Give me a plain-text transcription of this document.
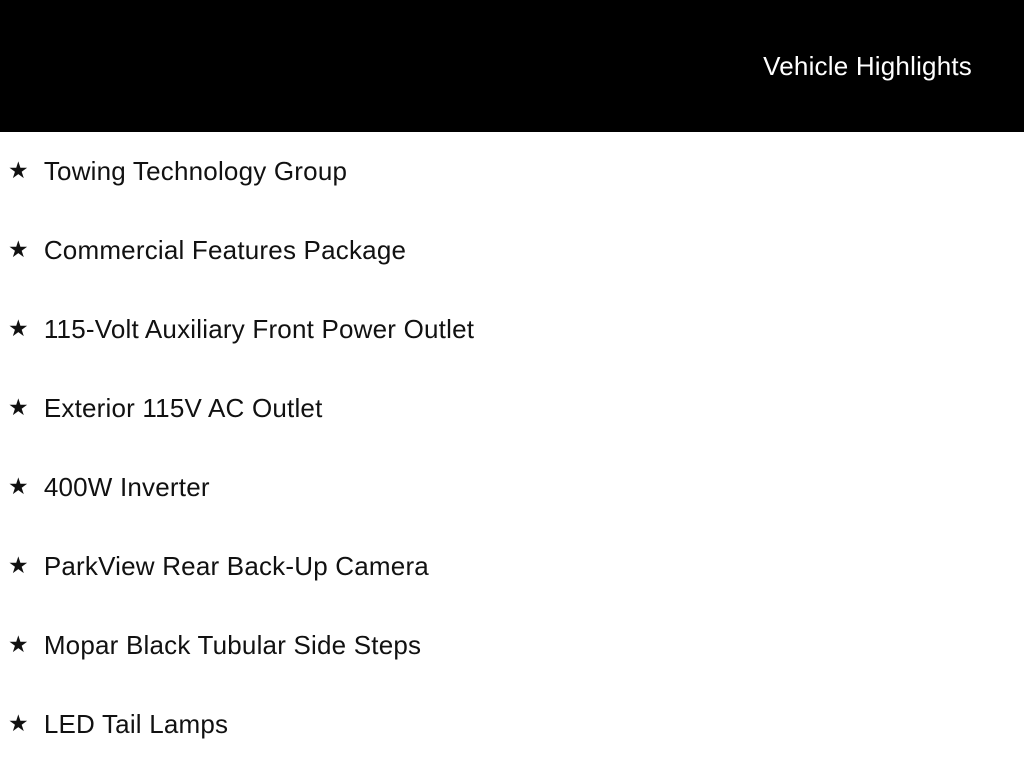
Vehicle Highlights
★ Towing Technology Group
★ Commercial Features Package
★ 115-Volt Auxiliary Front Power Outlet
★ Exterior 115V AC Outlet
★ 400W Inverter
★ ParkView Rear Back-Up Camera
★ Mopar Black Tubular Side Steps
★ LED Tail Lamps
